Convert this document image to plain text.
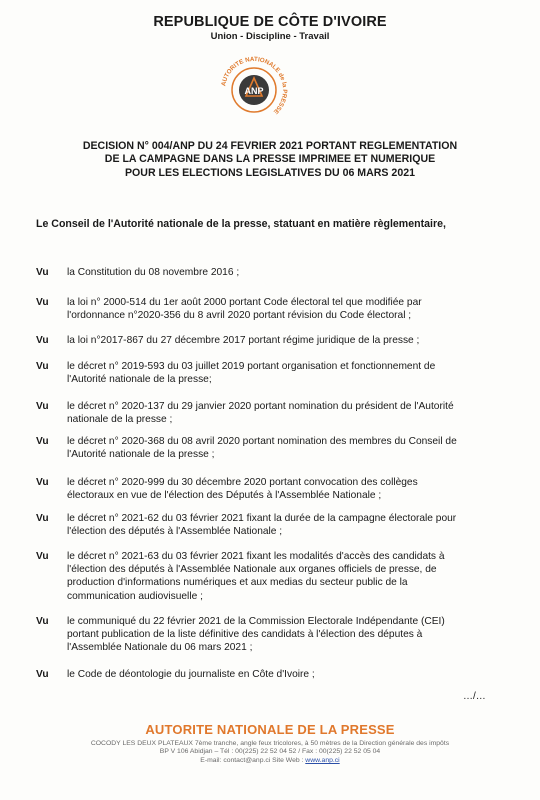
REPUBLIQUE DE CÔTE D'IVOIRE
Union - Discipline - Travail
ANP
AUTORITE NATIONALE de la PRESSE
DECISION N° 004/ANP DU 24 FEVRIER 2021 PORTANT REGLEMENTATION
DE LA CAMPAGNE DANS LA PRESSE IMPRIMEE ET NUMERIQUE
POUR LES ELECTIONS LEGISLATIVES DU 06 MARS 2021
Le Conseil de l'Autorité nationale de la presse, statuant en matière règlementaire,
Vu la Constitution du 08 novembre 2016 ;
Vu la loi n° 2000-514 du 1er août 2000 portant Code électoral tel que modifiée par
l'ordonnance n°2020-356 du 8 avril 2020 portant révision du Code électoral ;
Vu la loi n°2017-867 du 27 décembre 2017 portant régime juridique de la presse ;
Vu le décret n° 2019-593 du 03 juillet 2019 portant organisation et fonctionnement de
l'Autorité nationale de la presse;
Vu le décret n° 2020-137 du 29 janvier 2020 portant nomination du président de l'Autorité
nationale de la presse ;
Vu le décret n° 2020-368 du 08 avril 2020 portant nomination des membres du Conseil de
l'Autorité nationale de la presse ;
Vu le décret n° 2020-999 du 30 décembre 2020 portant convocation des collèges
électoraux en vue de l'élection des Députés à l'Assemblée Nationale ;
Vu le décret n° 2021-62 du 03 février 2021 fixant la durée de la campagne électorale pour
l'élection des députés à l'Assemblée Nationale ;
Vu le décret n° 2021-63 du 03 février 2021 fixant les modalités d'accès des candidats à
l'élection des députés à l'Assemblée Nationale aux organes officiels de presse, de
production d'informations numériques et aux medias du secteur public de la
communication audiovisuelle ;
Vu le communiqué du 22 février 2021 de la Commission Electorale Indépendante (CEI)
portant publication de la liste définitive des candidats à l'élection des députes à
l'Assemblée Nationale du 06 mars 2021 ;
Vu le Code de déontologie du journaliste en Côte d'Ivoire ;
…/…
AUTORITE NATIONALE DE LA PRESSE
COCODY LES DEUX PLATEAUX 7ème tranche, angle feux tricolores, à 50 mètres de la Direction générale des impôts
BP V 106 Abidjan – Tél : 00(225) 22 52 04 52 / Fax : 00(225) 22 52 05 04
E-mail: contact@anp.ci Site Web : www.anp.ci
